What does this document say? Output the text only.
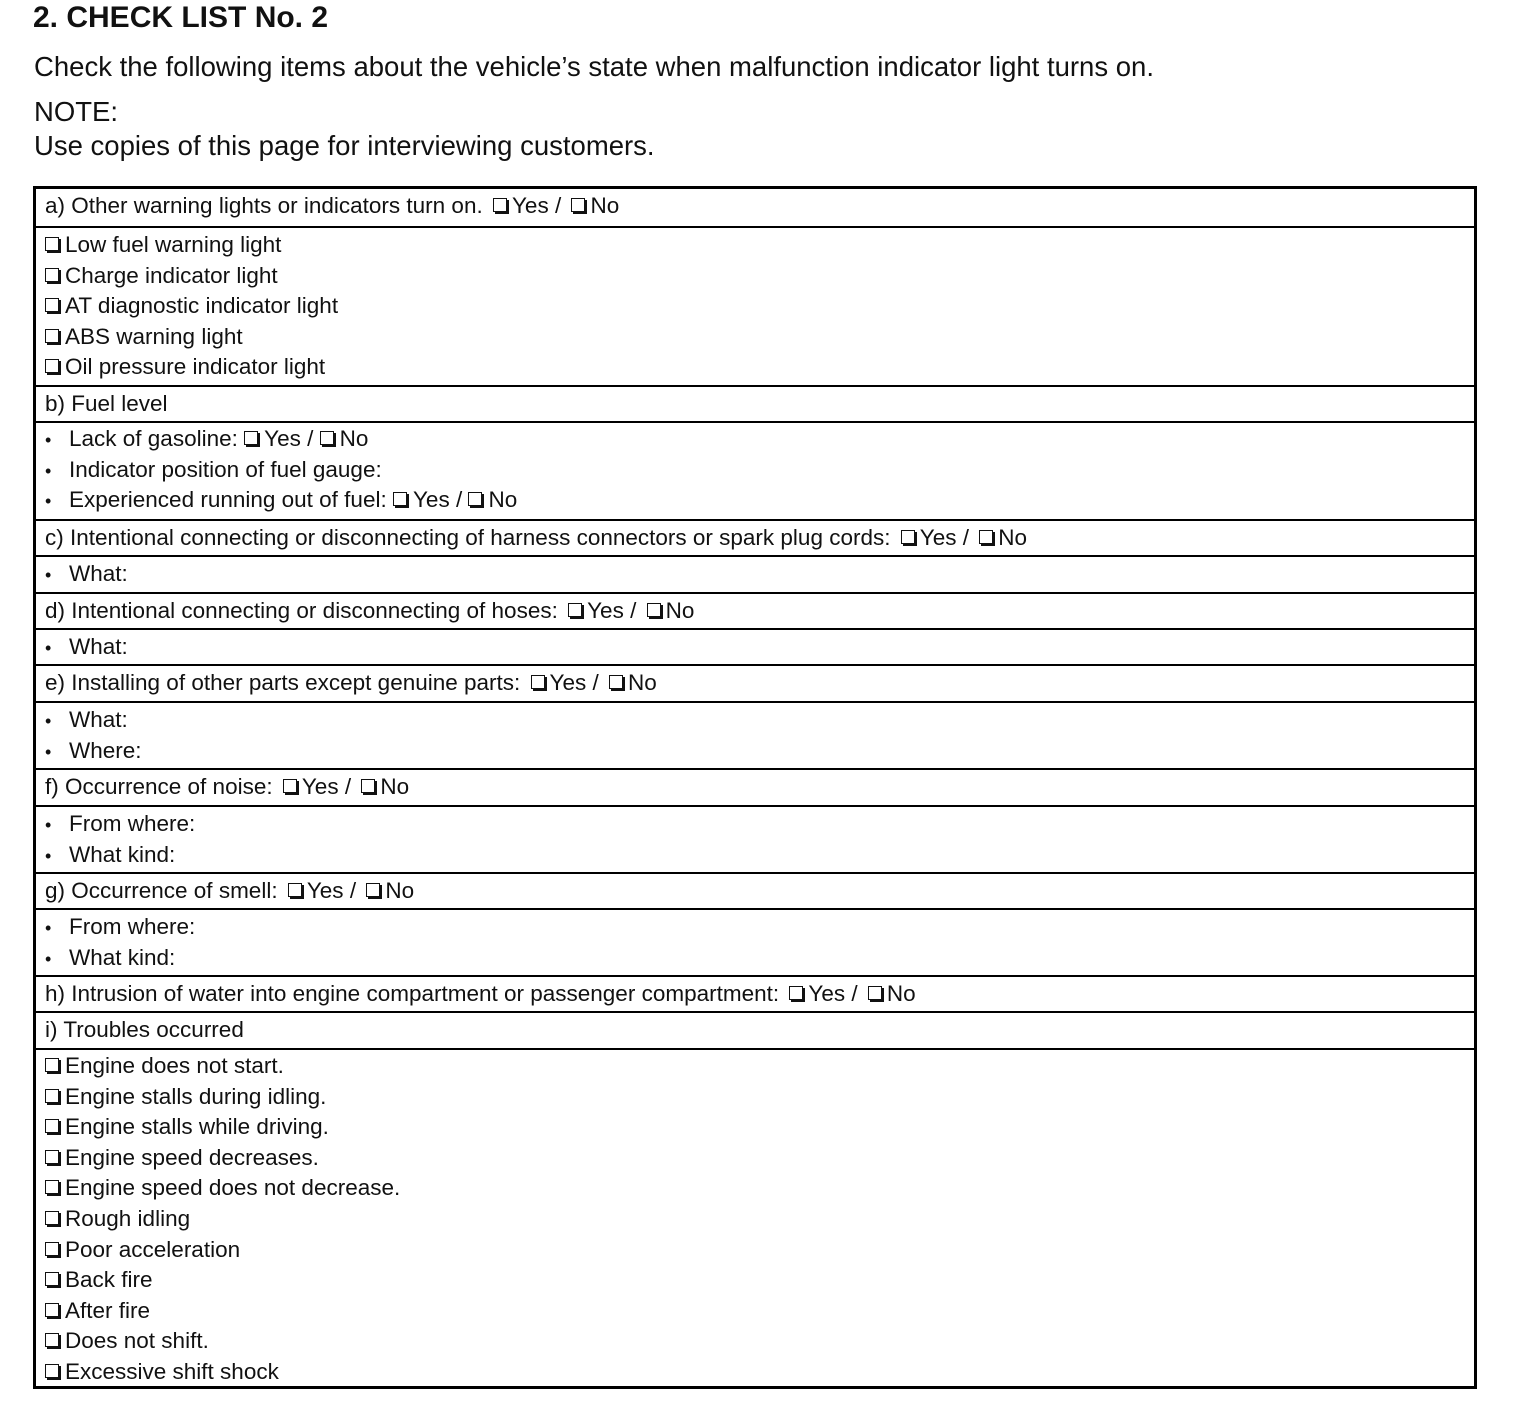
2. CHECK LIST No. 2
Check the following items about the vehicle’s state when malfunction indicator light turns on.
NOTE:
Use copies of this page for interviewing customers.
a) Other warning lights or indicators turn on. Yes / No
Low fuel warning light
Charge indicator light
AT diagnostic indicator light
ABS warning light
Oil pressure indicator light
b) Fuel level
• Lack of gasoline: Yes / No
• Indicator position of fuel gauge:
• Experienced running out of fuel: Yes / No
c) Intentional connecting or disconnecting of harness connectors or spark plug cords: Yes / No
• What:
d) Intentional connecting or disconnecting of hoses: Yes / No
• What:
e) Installing of other parts except genuine parts: Yes / No
• What:
• Where:
f) Occurrence of noise: Yes / No
• From where:
• What kind:
g) Occurrence of smell: Yes / No
• From where:
• What kind:
h) Intrusion of water into engine compartment or passenger compartment: Yes / No
i) Troubles occurred
Engine does not start.
Engine stalls during idling.
Engine stalls while driving.
Engine speed decreases.
Engine speed does not decrease.
Rough idling
Poor acceleration
Back fire
After fire
Does not shift.
Excessive shift shock
